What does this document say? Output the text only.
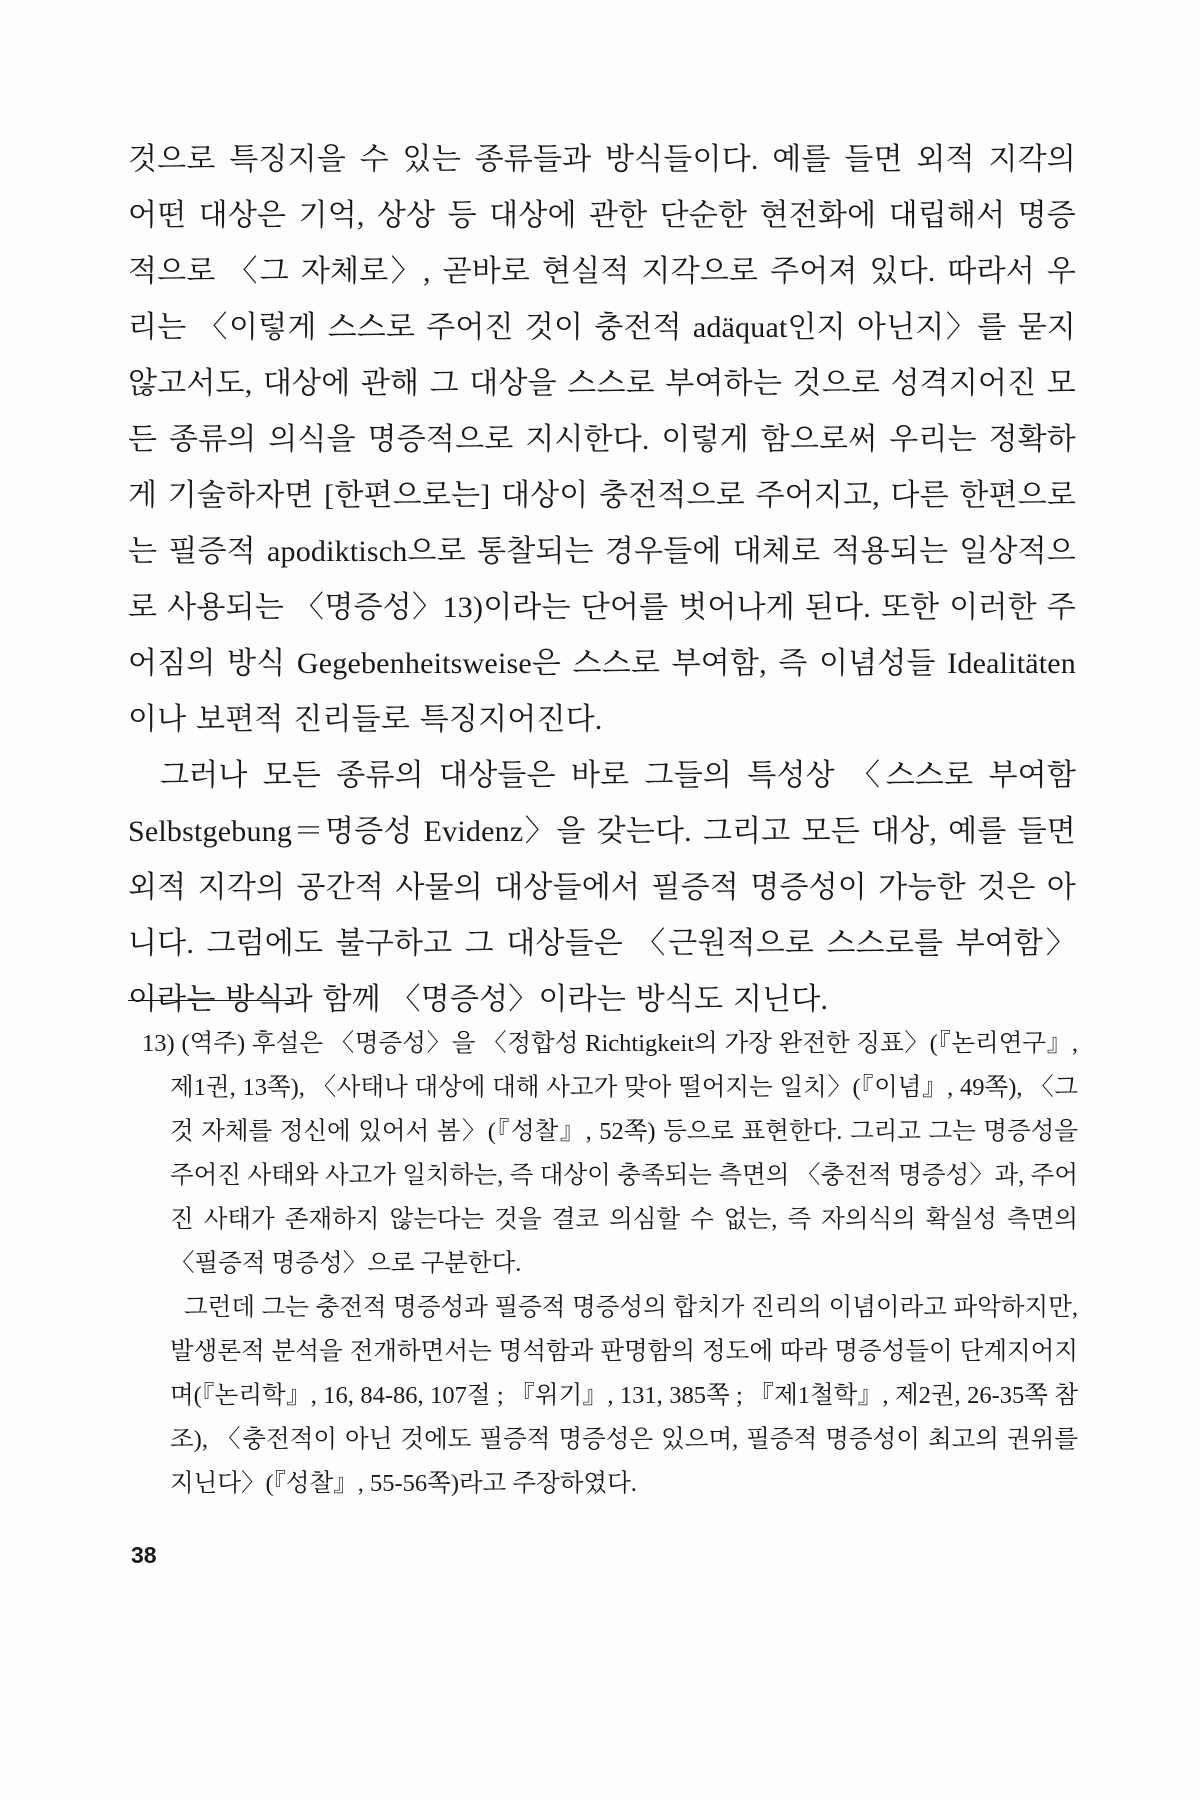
것으로 특징지을 수 있는 종류들과 방식들이다. 예를 들면 외적 지각의 어떤 대상은 기억, 상상 등 대상에 관한 단순한 현전화에 대립해서 명증적으로 〈그 자체로〉, 곧바로 현실적 지각으로 주어져 있다. 따라서 우리는 〈이렇게 스스로 주어진 것이 충전적 adäquat인지 아닌지〉를 묻지 않고서도, 대상에 관해 그 대상을 스스로 부여하는 것으로 성격지어진 모든 종류의 의식을 명증적으로 지시한다. 이렇게 함으로써 우리는 정확하게 기술하자면 [한편으로는] 대상이 충전적으로 주어지고, 다른 한편으로는 필증적 apodiktisch으로 통찰되는 경우들에 대체로 적용되는 일상적으로 사용되는 〈명증성〉13)이라는 단어를 벗어나게 된다. 또한 이러한 주어짐의 방식 Gegebenheitsweise은 스스로 부여함, 즉 이념성들 Idealitäten이나 보편적 진리들로 특징지어진다.

그러나 모든 종류의 대상들은 바로 그들의 특성상 〈스스로 부여함 Selbstgebung＝명증성 Evidenz〉을 갖는다. 그리고 모든 대상, 예를 들면 외적 지각의 공간적 사물의 대상들에서 필증적 명증성이 가능한 것은 아니다. 그럼에도 불구하고 그 대상들은 〈근원적으로 스스로를 부여함〉이라는 방식과 함께 〈명증성〉이라는 방식도 지닌다.

13) (역주) 후설은 〈명증성〉을 〈정합성 Richtigkeit의 가장 완전한 징표〉(『논리연구』, 제1권, 13쪽), 〈사태나 대상에 대해 사고가 맞아 떨어지는 일치〉(『이념』, 49쪽), 〈그것 자체를 정신에 있어서 봄〉(『성찰』, 52쪽) 등으로 표현한다. 그리고 그는 명증성을 주어진 사태와 사고가 일치하는, 즉 대상이 충족되는 측면의 〈충전적 명증성〉과, 주어진 사태가 존재하지 않는다는 것을 결코 의심할 수 없는, 즉 자의식의 확실성 측면의 〈필증적 명증성〉으로 구분한다.

그런데 그는 충전적 명증성과 필증적 명증성의 합치가 진리의 이념이라고 파악하지만, 발생론적 분석을 전개하면서는 명석함과 판명함의 정도에 따라 명증성들이 단계지어지며(『논리학』, 16, 84-86, 107절 ; 『위기』, 131, 385쪽 ; 『제1철학』, 제2권, 26-35쪽 참조), 〈충전적이 아닌 것에도 필증적 명증성은 있으며, 필증적 명증성이 최고의 권위를 지닌다〉(『성찰』, 55-56쪽)라고 주장하였다.

38
